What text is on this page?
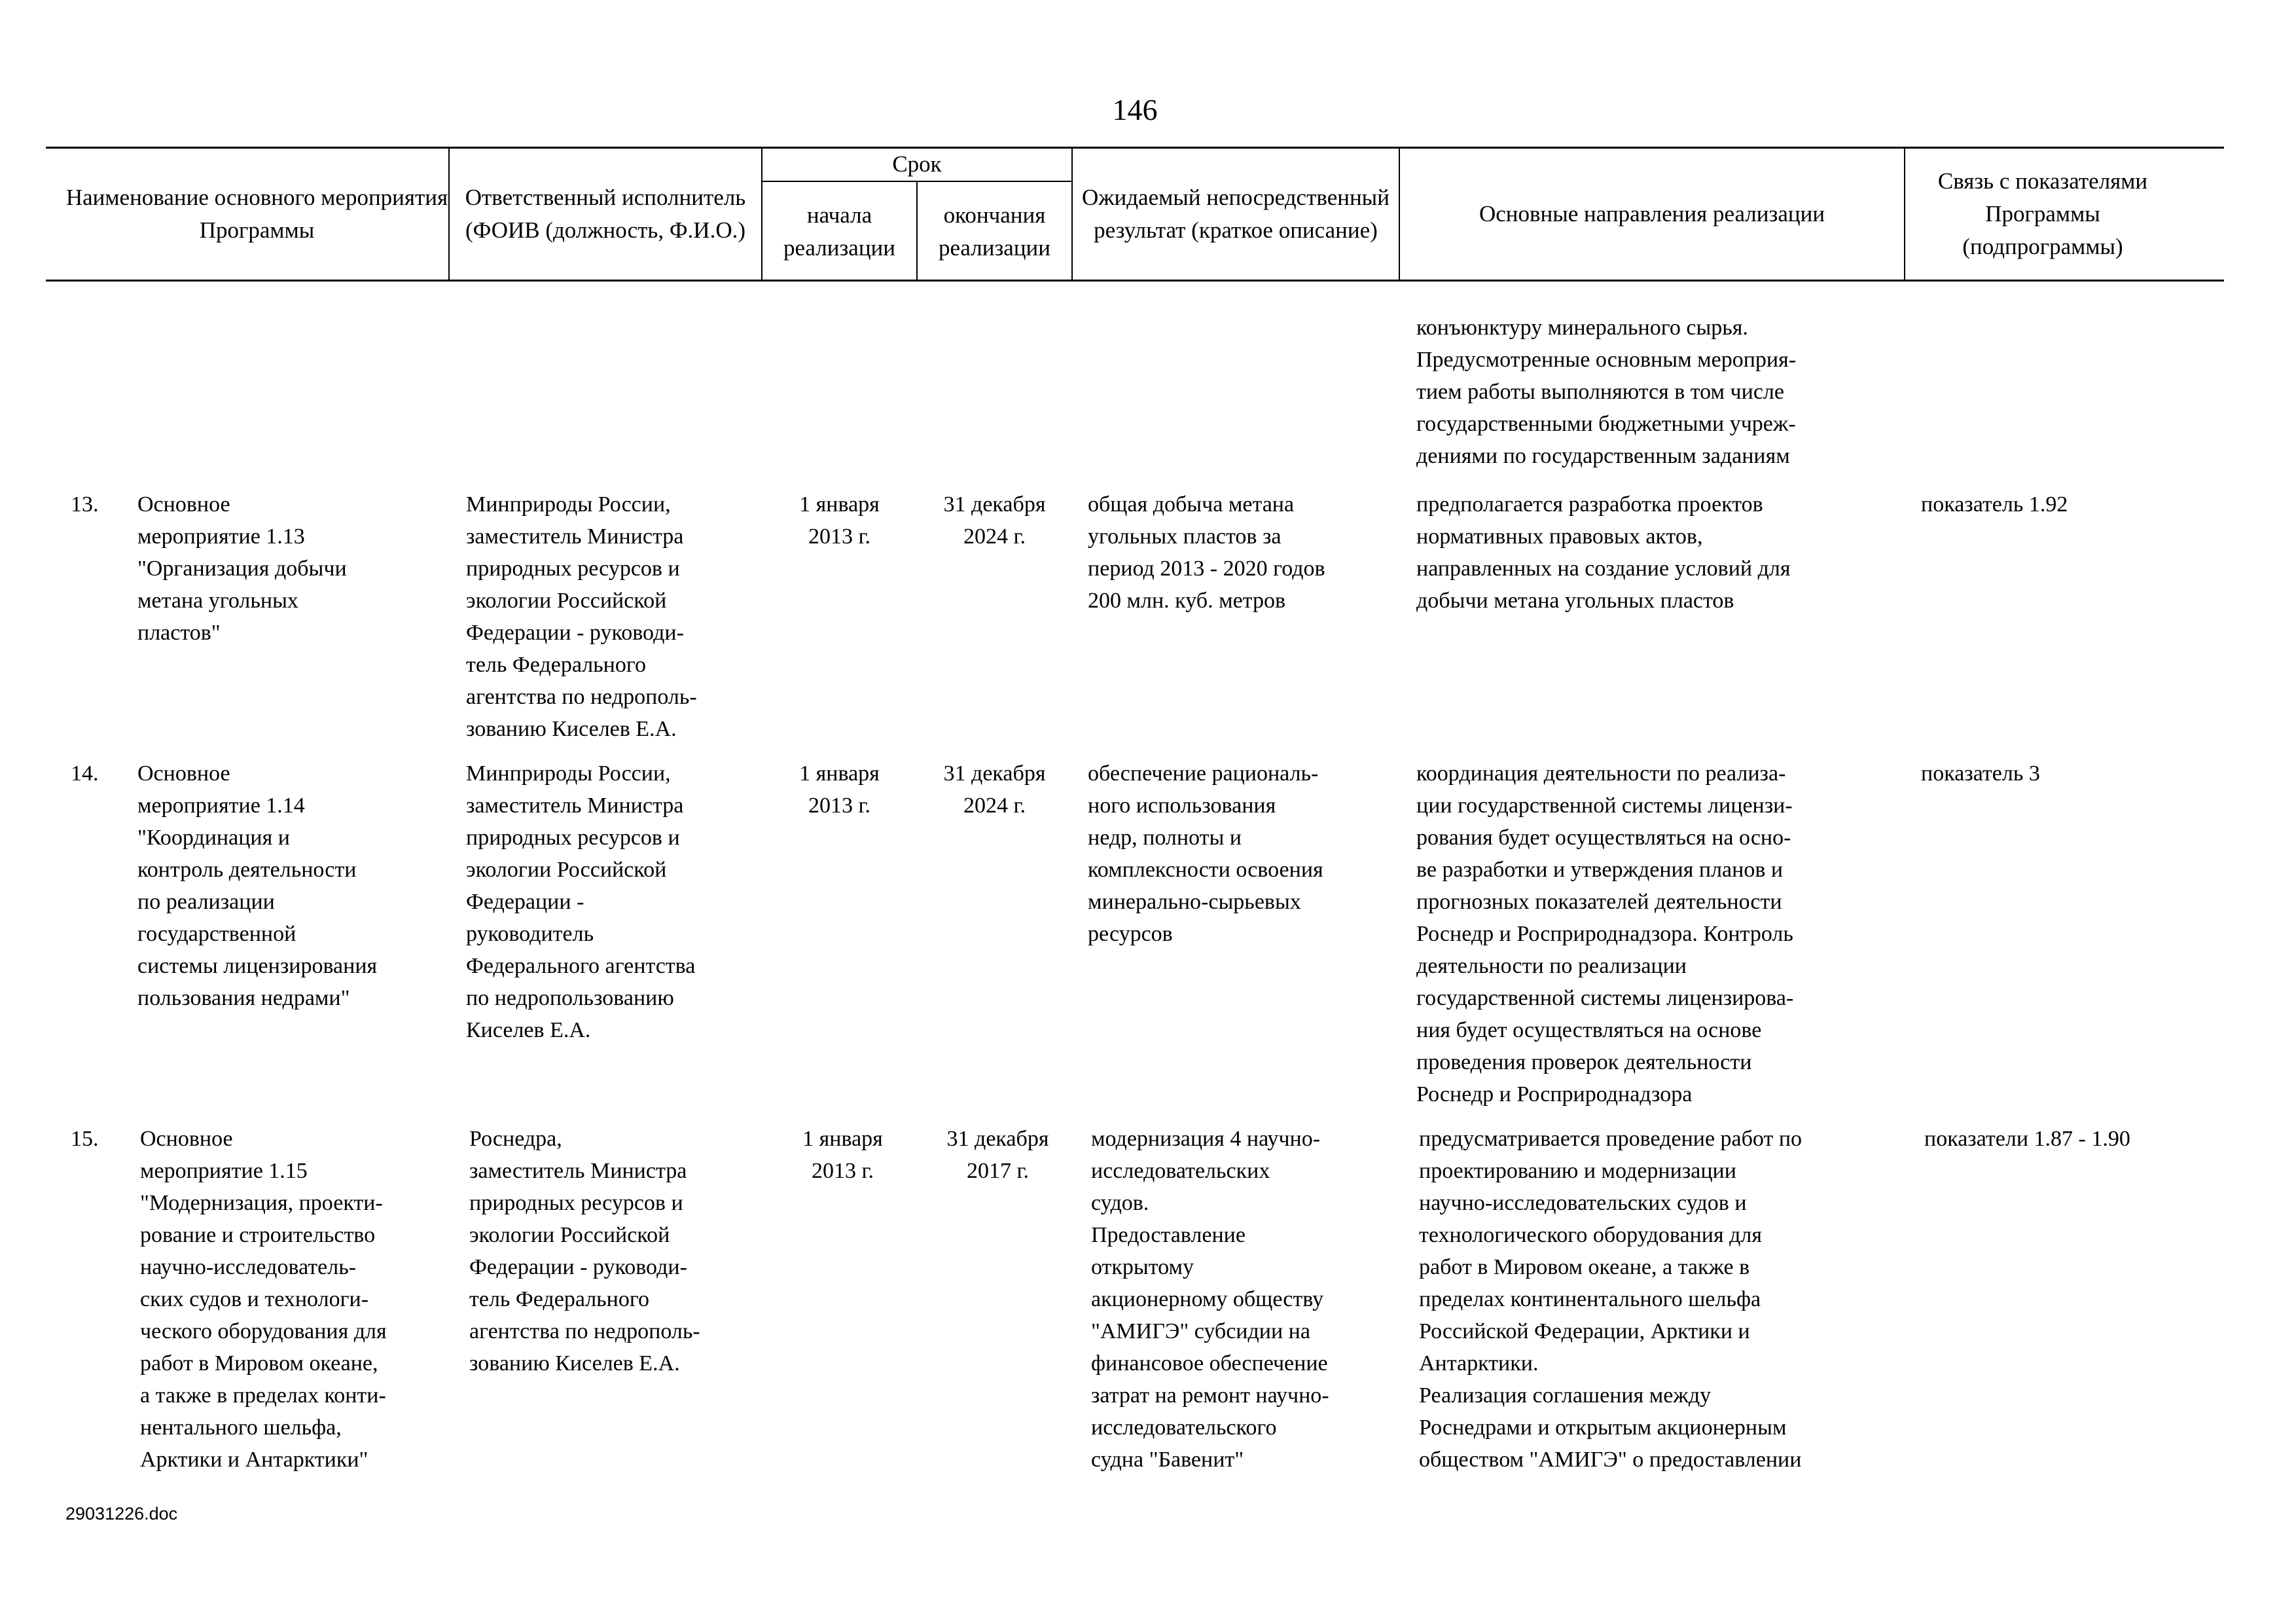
146
Наименование основного мероприятия Программы
Ответственный исполнитель (ФОИВ (должность, Ф.И.О.)
Срок
начала реализации
окончания реализации
Ожидаемый непосредственный результат (краткое описание)
Основные направления реализации
Связь с показателями Программы (подпрограммы)
конъюнктуру минерального сырья.
Предусмотренные основным мероприя-
тием работы выполняются в том числе
государственными бюджетными учреж-
дениями по государственным заданиям
13. Основное
мероприятие 1.13
"Организация добычи
метана угольных
пластов"
Минприроды России,
заместитель Министра
природных ресурсов и
экологии Российской
Федерации - руководи-
тель Федерального
агентства по недрополь-
зованию Киселев Е.А.
1 января
2013 г.
31 декабря
2024 г.
общая добыча метана
угольных пластов за
период 2013 - 2020 годов
200 млн. куб. метров
предполагается разработка проектов
нормативных правовых актов,
направленных на создание условий для
добычи метана угольных пластов
показатель 1.92
14. Основное
мероприятие 1.14
"Координация и
контроль деятельности
по реализации
государственной
системы лицензирования
пользования недрами"
Минприроды России,
заместитель Министра
природных ресурсов и
экологии Российской
Федерации -
руководитель
Федерального агентства
по недропользованию
Киселев Е.А.
1 января
2013 г.
31 декабря
2024 г.
обеспечение рациональ-
ного использования
недр, полноты и
комплексности освоения
минерально-сырьевых
ресурсов
координация деятельности по реализа-
ции государственной системы лицензи-
рования будет осуществляться на осно-
ве разработки и утверждения планов и
прогнозных показателей деятельности
Роснедр и Росприроднадзора. Контроль
деятельности по реализации
государственной системы лицензирова-
ния будет осуществляться на основе
проведения проверок деятельности
Роснедр и Росприроднадзора
показатель 3
15. Основное
мероприятие 1.15
"Модернизация, проекти-
рование и строительство
научно-исследователь-
ских судов и технологи-
ческого оборудования для
работ в Мировом океане,
а также в пределах конти-
нентального шельфа,
Арктики и Антарктики"
Роснедра,
заместитель Министра
природных ресурсов и
экологии Российской
Федерации - руководи-
тель Федерального
агентства по недрополь-
зованию Киселев Е.А.
1 января
2013 г.
31 декабря
2017 г.
модернизация 4 научно-
исследовательских
судов.
Предоставление
открытому
акционерному обществу
"АМИГЭ" субсидии на
финансовое обеспечение
затрат на ремонт научно-
исследовательского
судна "Бавенит"
предусматривается проведение работ по
проектированию и модернизации
научно-исследовательских судов и
технологического оборудования для
работ в Мировом океане, а также в
пределах континентального шельфа
Российской Федерации, Арктики и
Антарктики.
Реализация соглашения между
Роснедрами и открытым акционерным
обществом "АМИГЭ" о предоставлении
показатели 1.87 - 1.90
29031226.doc
